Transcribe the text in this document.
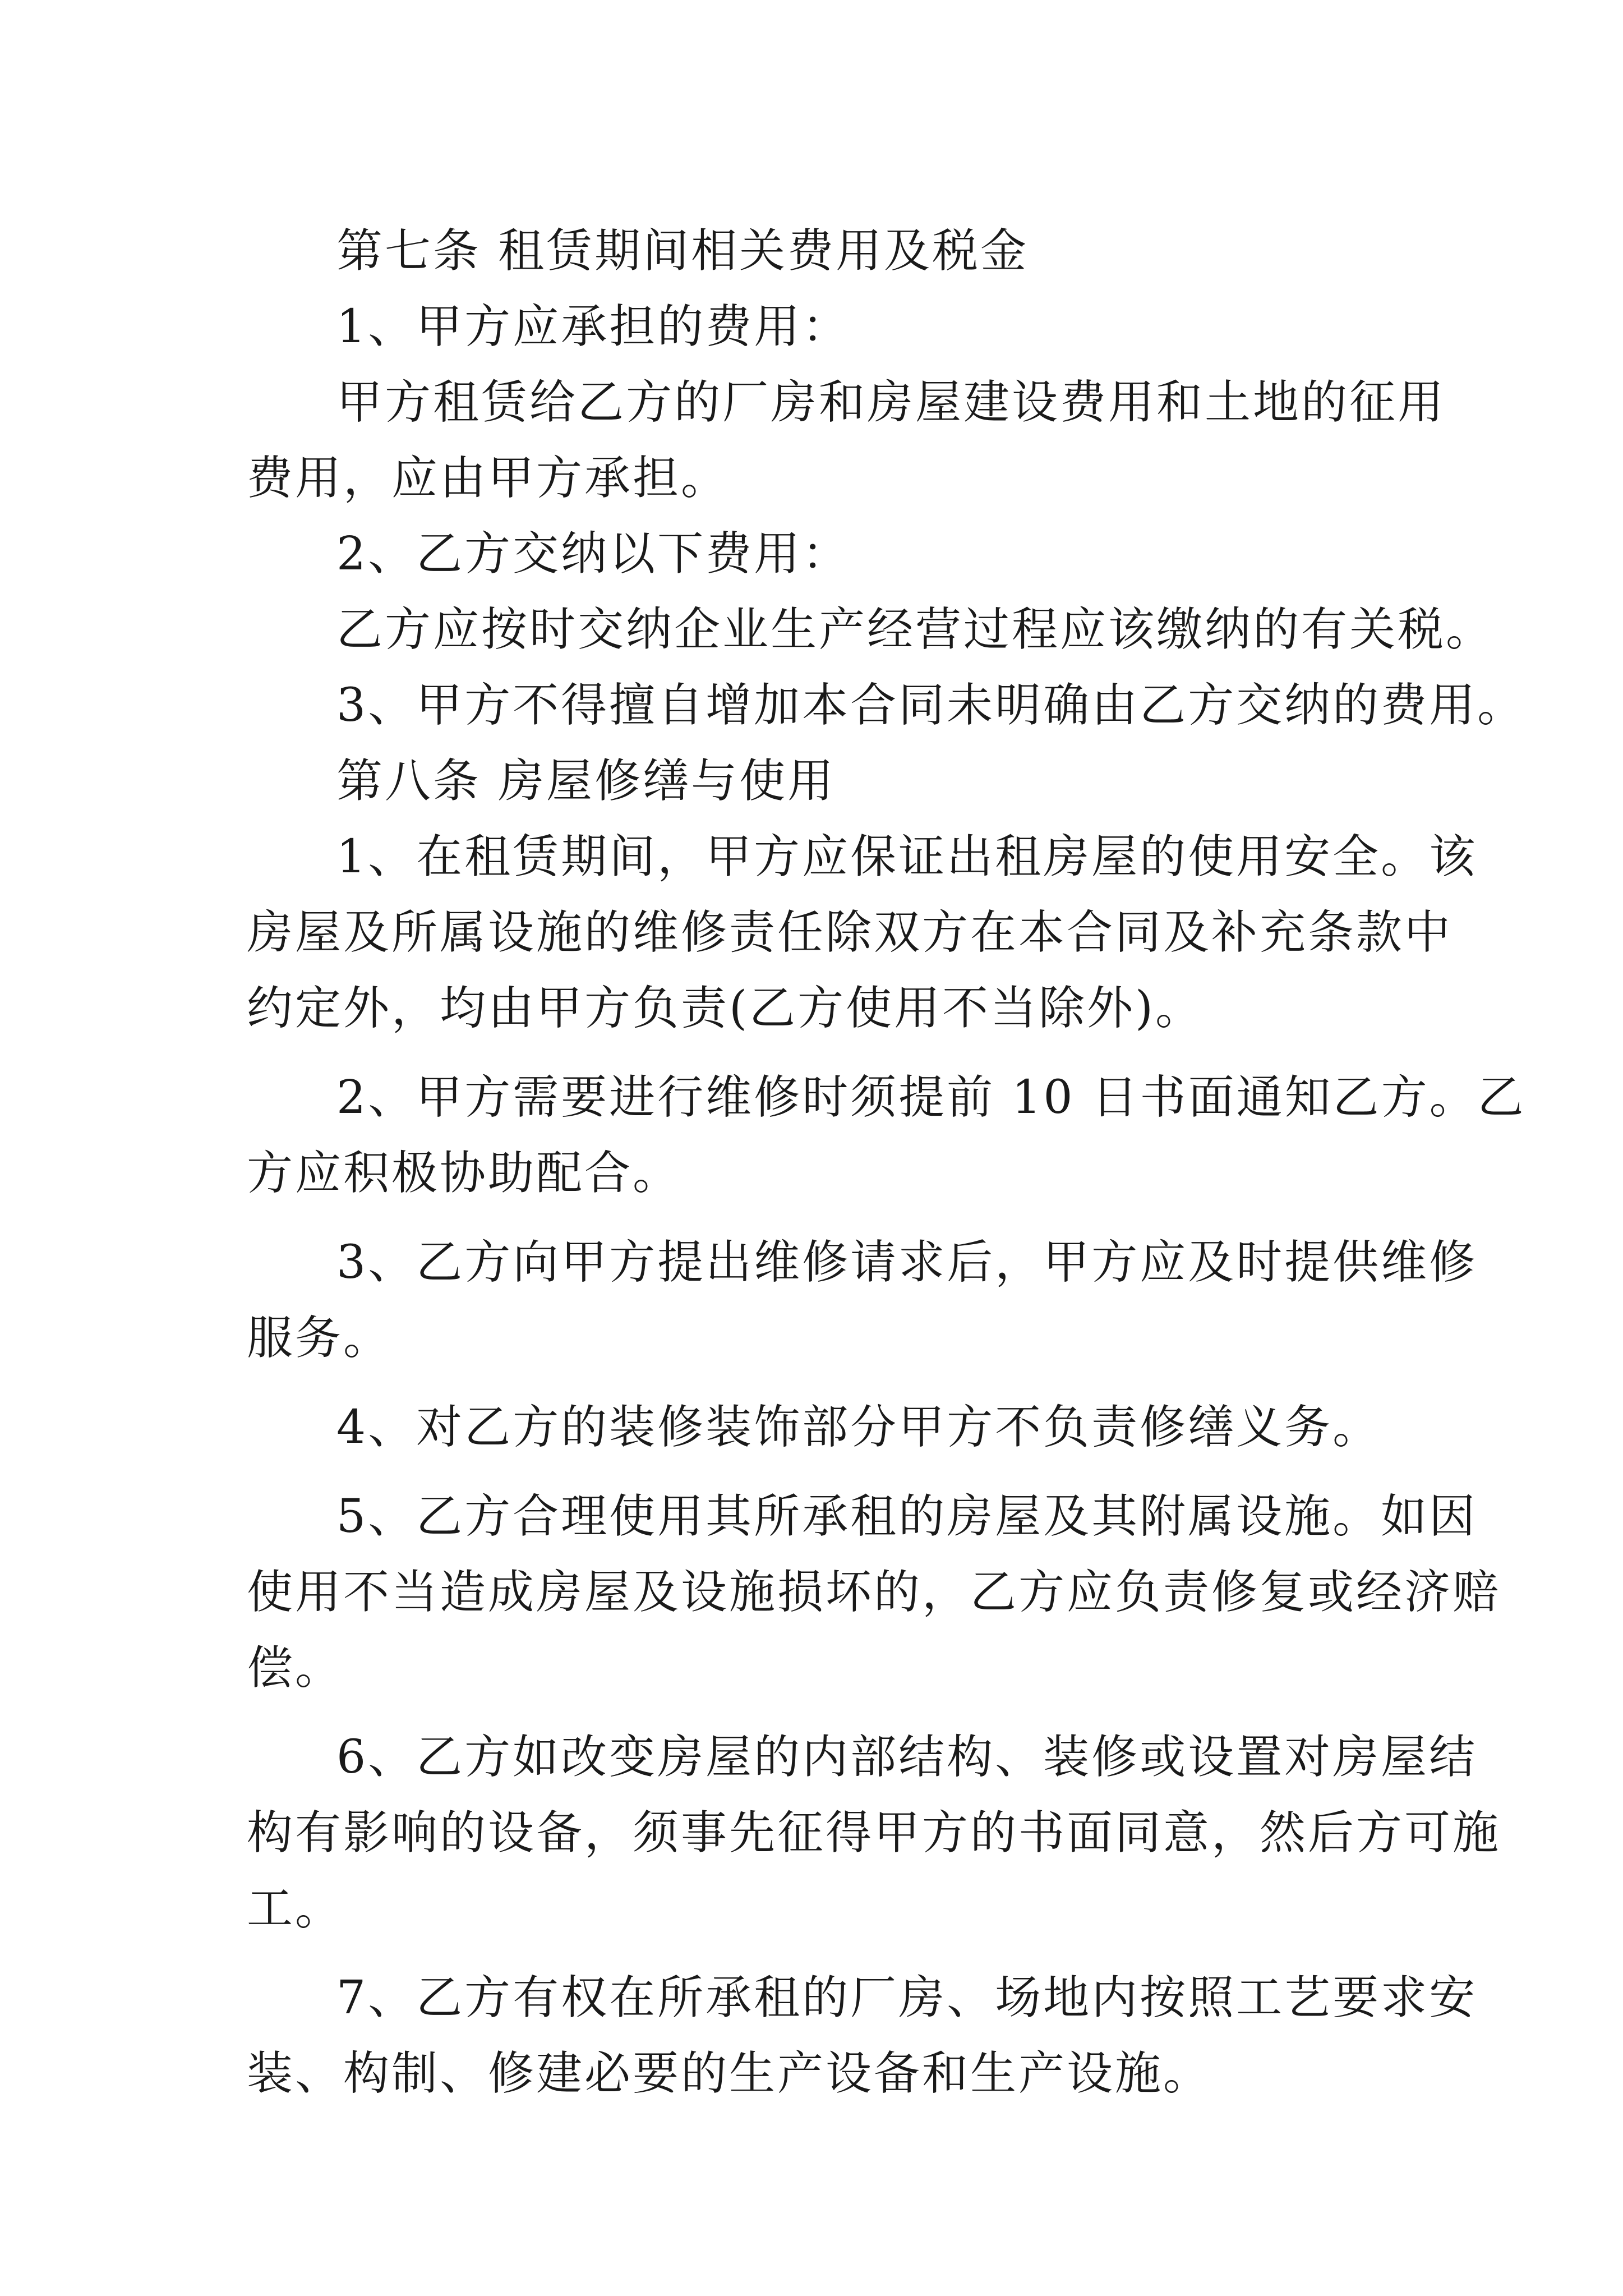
第七条 租赁期间相关费用及税金

1、甲方应承担的费用：

甲方租赁给乙方的厂房和房屋建设费用和土地的征用

费用，应由甲方承担。

2、乙方交纳以下费用：

乙方应按时交纳企业生产经营过程应该缴纳的有关税。

3、甲方不得擅自增加本合同未明确由乙方交纳的费用。

第八条 房屋修缮与使用

1、在租赁期间，甲方应保证出租房屋的使用安全。该

房屋及所属设施的维修责任除双方在本合同及补充条款中

约定外，均由甲方负责(乙方使用不当除外)。

2、甲方需要进行维修时须提前 10 日书面通知乙方。乙

方应积极协助配合。

3、乙方向甲方提出维修请求后，甲方应及时提供维修

服务。

4、对乙方的装修装饰部分甲方不负责修缮义务。

5、乙方合理使用其所承租的房屋及其附属设施。如因

使用不当造成房屋及设施损坏的，乙方应负责修复或经济赔

偿。

6、乙方如改变房屋的内部结构、装修或设置对房屋结

构有影响的设备，须事先征得甲方的书面同意，然后方可施

工。

7、乙方有权在所承租的厂房、场地内按照工艺要求安

装、构制、修建必要的生产设备和生产设施。
